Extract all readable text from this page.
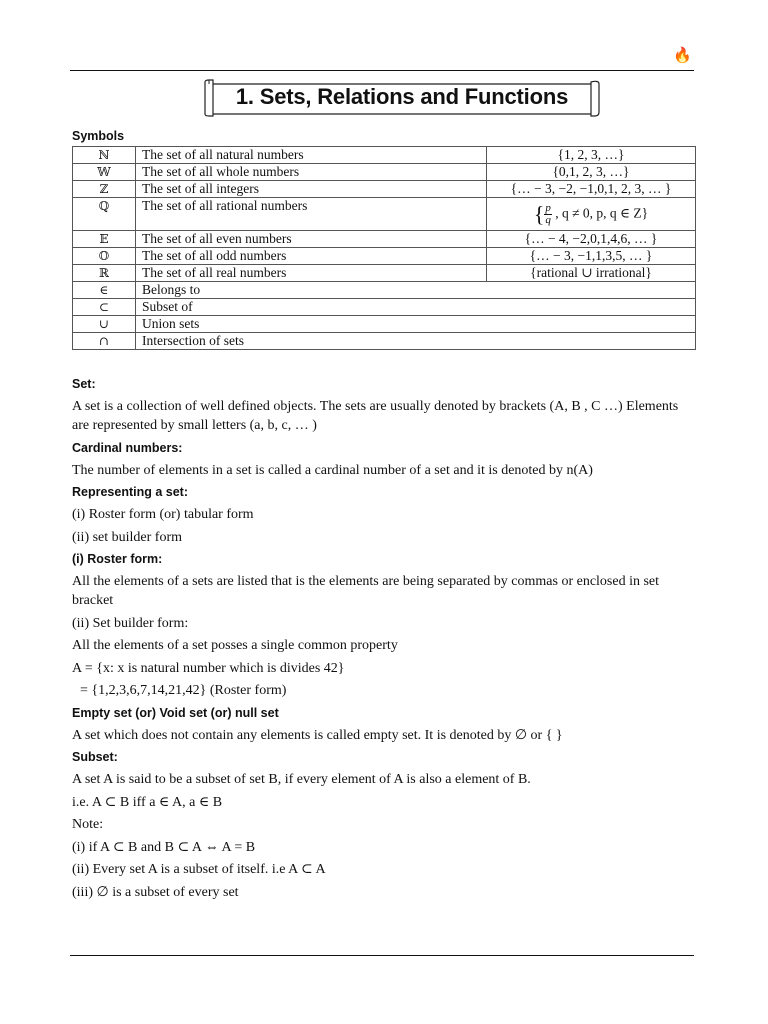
🔥
1. Sets, Relations and Functions
Symbols
ℕ	The set of all natural numbers	{1, 2, 3, …}
𝕎	The set of all whole numbers	{0,1, 2, 3, …}
ℤ	The set of all integers	{… − 3, −2, −1,0,1, 2, 3, … }
ℚ	The set of all rational numbers	{ $\frac{p}{q}$ , q ≠ 0, p, q ∈ Z}
𝔼	The set of all even numbers	{… − 4, −2,0,1,4,6, … }
𝕆	The set of all odd numbers	{… − 3, −1,1,3,5, … }
ℝ	The set of all real numbers	{rational ∪ irrational}
∈	Belongs to	
⊂	Subset of	
∪	Union sets	
∩	Intersection of sets	
Set:

A set is a collection of well defined objects. The sets are usually denoted by brackets (A, B , C …) Elements are represented by small letters (a, b, c, … )

Cardinal numbers:

The number of elements in a set is called a cardinal number of a set and it is denoted by n(A)

Representing a set:

(i) Roster form (or) tabular form

(ii) set builder form

(i) Roster form:

All the elements of a sets are listed that is the elements are being separated by commas or enclosed in set bracket

(ii) Set builder form:

All the elements of a set posses a single common property

A = {x: x is natural number which is divides 42}

= {1,2,3,6,7,14,21,42} (Roster form)

Empty set (or) Void set (or) null set

A set which does not contain any elements is called empty set. It is denoted by ∅ or { }

Subset:

A set A is said to be a subset of set B, if every element of A is also a element of B.

i.e. A ⊂ B iff a ∈ A, a ∈ B

Note:

(i) if A ⊂ B and B ⊂ A ⇔ A = B

(ii) Every set A is a subset of itself. i.e A ⊂ A

(iii) ∅ is a subset of every set
